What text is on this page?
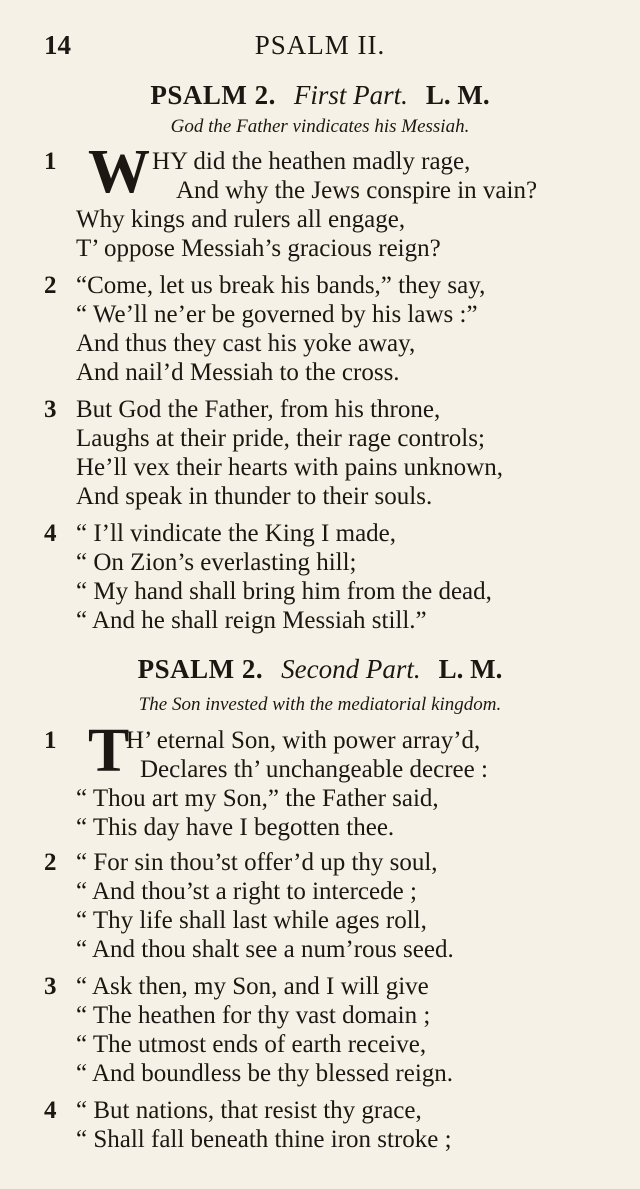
14	PSALM II.
PSALM 2. First Part. L. M.
God the Father vindicates his Messiah.
1 W HY did the heathen madly rage,
And why the Jews conspire in vain?
Why kings and rulers all engage,
T’ oppose Messiah’s gracious reign?
2 “Come, let us break his bands,” they say,
“ We’ll ne’er be governed by his laws :”
And thus they cast his yoke away,
And nail’d Messiah to the cross.
3 But God the Father, from his throne,
Laughs at their pride, their rage controls;
He’ll vex their hearts with pains unknown,
And speak in thunder to their souls.
4 “ I’ll vindicate the King I made,
“ On Zion’s everlasting hill;
“ My hand shall bring him from the dead,
“ And he shall reign Messiah still.”
PSALM 2. Second Part. L. M.
The Son invested with the mediatorial kingdom.
1 T
H’ eternal Son, with power array’d,
Declares th’ unchangeable decree :
“ Thou art my Son,” the Father said,
“ This day have I begotten thee.
2 “ For sin thou’st offer’d up thy soul,
“ And thou’st a right to intercede ;
“ Thy life shall last while ages roll,
“ And thou shalt see a num’rous seed.
3 “ Ask then, my Son, and I will give
“ The heathen for thy vast domain ;
“ The utmost ends of earth receive,
“ And boundless be thy blessed reign.
4 “ But nations, that resist thy grace,
“ Shall fall beneath thine iron stroke ;
